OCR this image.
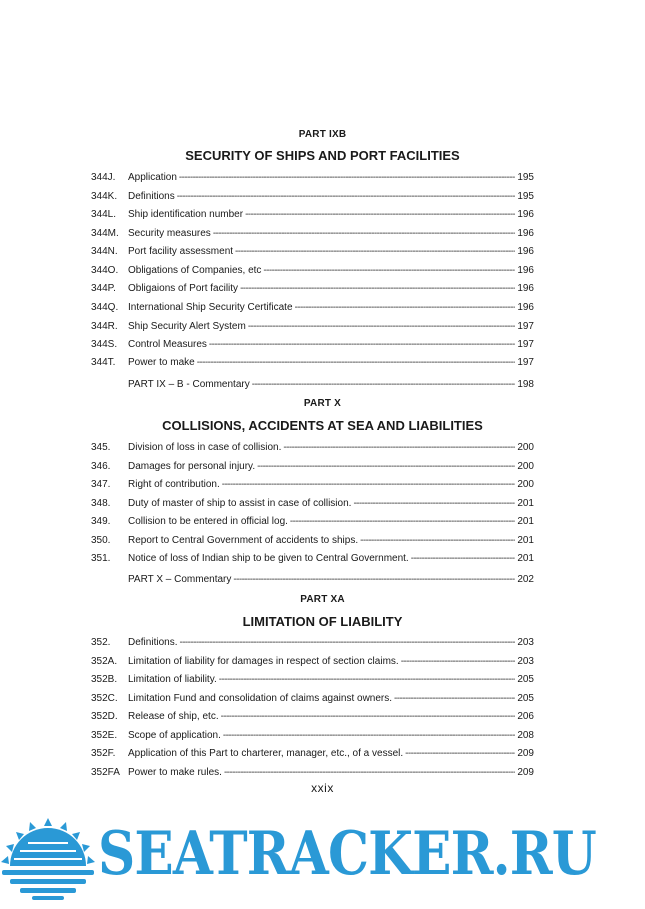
PART IXB
SECURITY OF SHIPS AND PORT FACILITIES
344J.	Application -----	195
344K.	Definitions -----	195
344L.	Ship identification number -----	196
344M. Security measures -----	196
344N.	Port facility assessment -----	196
344O. Obligations of Companies, etc -----	196
344P.	Obligaions of Port facility -----	196
344Q. International Ship Security Certificate -----	196
344R.	Ship Security Alert System -----	197
344S.	Control Measures -----	197
344T.	Power to make -----	197
PART IX – B - Commentary -----	198
PART X
COLLISIONS, ACCIDENTS AT SEA AND LIABILITIES
345.	Division of loss in case of collision. -----	200
346.	Damages for personal injury. -----	200
347.	Right of contribution. -----	200
348.	Duty of master of ship to assist in case of collision. -----	201
349.	Collision to be entered in official log. -----	201
350.	Report to Central Government of accidents to ships. -----	201
351.	Notice of loss of Indian ship to be given to Central Government. -----	201
PART X – Commentary -----	202
PART XA
LIMITATION OF LIABILITY
352.	Definitions. -----	203
352A.	Limitation of liability for damages in respect of section claims. -----	203
352B.	Limitation of liability. -----	205
352C.	Limitation Fund and consolidation of claims against owners. -----	205
352D.	Release of ship, etc. -----	206
352E.	Scope of application. -----	208
352F.	Application of this Part to charterer, manager, etc., of a vessel. -----	209
352FA Power to make rules. -----	209
xxix
SEATRACKER.RU
